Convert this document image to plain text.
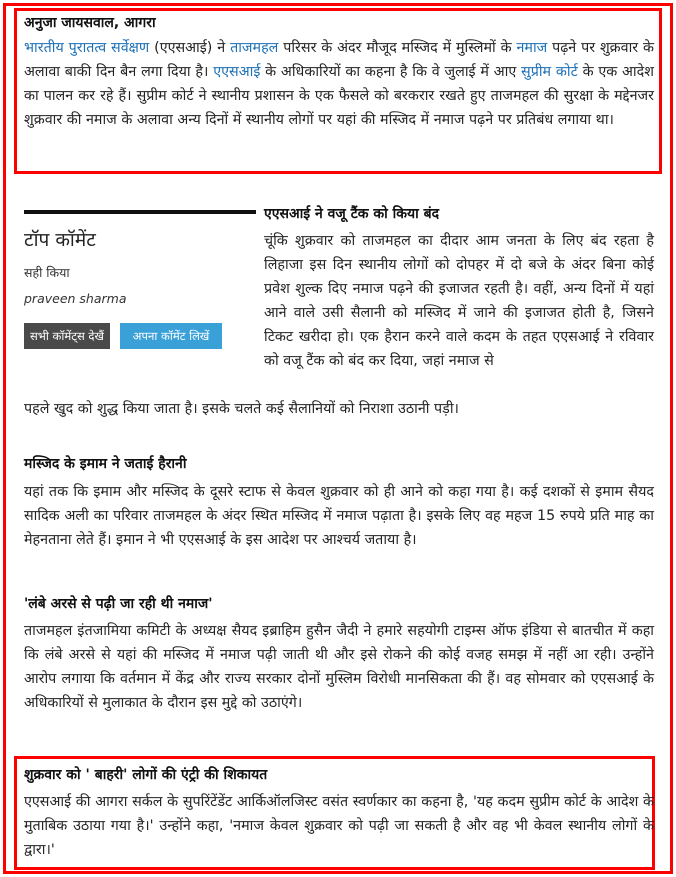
अनुजा जायसवाल, आगरा
भारतीय पुरातत्व सर्वेक्षण (एएसआई) ने ताजमहल परिसर के अंदर मौजूद मस्जिद में मुस्लिमों के नमाज पढ़ने पर शुक्रवार के अलावा बाकी दिन बैन लगा दिया है। एएसआई के अधिकारियों का कहना है कि वे जुलाई में आए सुप्रीम कोर्ट के एक आदेश का पालन कर रहे हैं। सुप्रीम कोर्ट ने स्थानीय प्रशासन के एक फैसले को बरकरार रखते हुए ताजमहल की सुरक्षा के मद्देनजर शुक्रवार की नमाज के अलावा अन्य दिनों में स्थानीय लोगों पर यहां की मस्जिद में नमाज पढ़ने पर प्रतिबंध लगाया था।
टॉप कॉमेंट
सही किया
praveen sharma
सभी कॉमेंट्स देखैं	अपना कॉमेंट लिखें
एएसआई ने वजू टैंक को किया बंद
चूंकि शुक्रवार को ताजमहल का दीदार आम जनता के लिए बंद रहता है लिहाजा इस दिन स्थानीय लोगों को दोपहर में दो बजे के अंदर बिना कोई प्रवेश शुल्क दिए नमाज पढ़ने की इजाजत रहती है। वहीं, अन्य दिनों में यहां आने वाले उसी सैलानी को मस्जिद में जाने की इजाजत होती है, जिसने टिकट खरीदा हो। एक हैरान करने वाले कदम के तहत एएसआई ने रविवार को वजू टैंक को बंद कर दिया, जहां नमाज से
पहले खुद को शुद्ध किया जाता है। इसके चलते कई सैलानियों को निराशा उठानी पड़ी।
मस्जिद के इमाम ने जताई हैरानी
यहां तक कि इमाम और मस्जिद के दूसरे स्टाफ से केवल शुक्रवार को ही आने को कहा गया है। कई दशकों से इमाम सैयद सादिक अली का परिवार ताजमहल के अंदर स्थित मस्जिद में नमाज पढ़ाता है। इसके लिए वह महज 15 रुपये प्रति माह का मेहनताना लेते हैं। इमान ने भी एएसआई के इस आदेश पर आश्चर्य जताया है।
'लंबे अरसे से पढ़ी जा रही थी नमाज'
ताजमहल इंतजामिया कमिटी के अध्यक्ष सैयद इब्राहिम हुसैन जैदी ने हमारे सहयोगी टाइम्स ऑफ इंडिया से बातचीत में कहा कि लंबे अरसे से यहां की मस्जिद में नमाज पढ़ी जाती थी और इसे रोकने की कोई वजह समझ में नहीं आ रही। उन्होंने आरोप लगाया कि वर्तमान में केंद्र और राज्य सरकार दोनों मुस्लिम विरोधी मानसिकता की हैं। वह सोमवार को एएसआई के अधिकारियों से मुलाकात के दौरान इस मुद्दे को उठाएंगे।
शुक्रवार को ' बाहरी' लोगों की एंट्री की शिकायत
एएसआई की आगरा सर्कल के सुपरिंटेंडेंट आर्किऑलजिस्ट वसंत स्वर्णकार का कहना है, 'यह कदम सुप्रीम कोर्ट के आदेश के मुताबिक उठाया गया है।' उन्होंने कहा, 'नमाज केवल शुक्रवार को पढ़ी जा सकती है और वह भी केवल स्थानीय लोगों के द्वारा।'
